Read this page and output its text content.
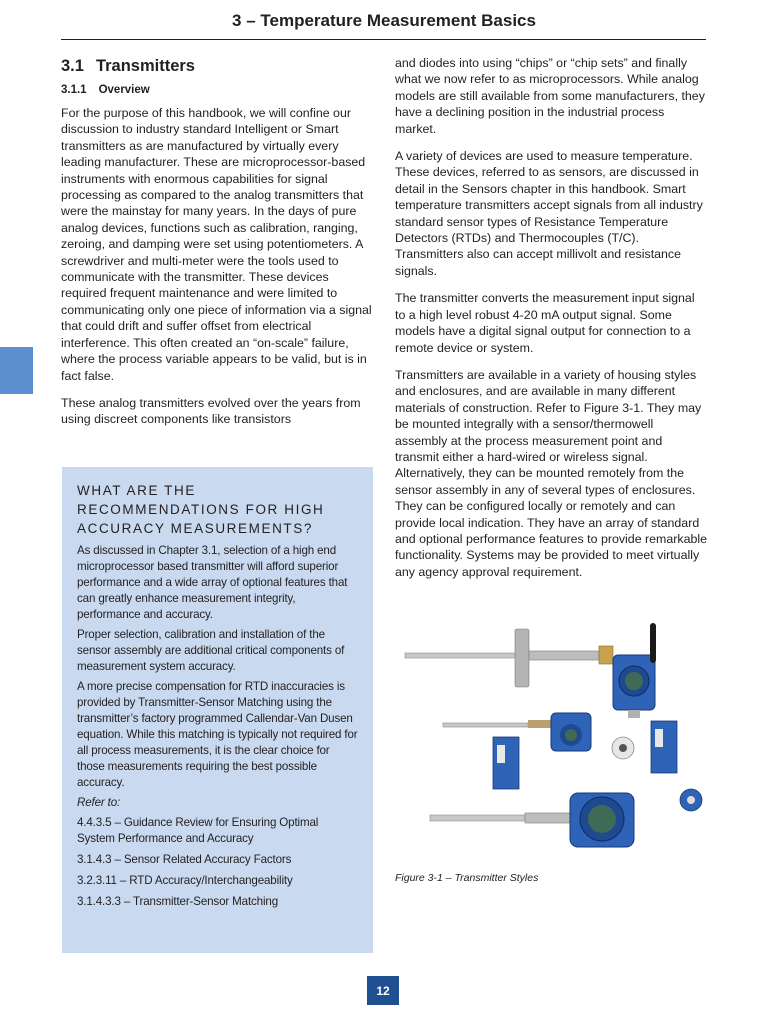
3 – Temperature Measurement Basics
3.1 Transmitters
3.1.1 Overview

For the purpose of this handbook, we will confine our discussion to industry standard Intelligent or Smart transmitters as are manufactured by virtually every leading manufacturer. These are microprocessor-based instruments with enormous capabilities for signal processing as compared to the analog transmitters that were the mainstay for many years. In the days of pure analog devices, functions such as calibration, ranging, zeroing, and damping were set using potentiometers. A screwdriver and multi-meter were the tools used to communicate with the transmitter. These devices required frequent maintenance and were limited to communicating only one piece of information via a signal that could drift and suffer offset from electrical interference. This often created an “on-scale” failure, where the process variable appears to be valid, but is in fact false.

These analog transmitters evolved over the years from using discreet components like transistors

and diodes into using “chips” or “chip sets” and finally what we now refer to as microprocessors. While analog models are still available from some manufacturers, they have a declining position in the industrial process market.

A variety of devices are used to measure temperature. These devices, referred to as sensors, are discussed in detail in the Sensors chapter in this handbook. Smart temperature transmitters accept signals from all industry standard sensor types of Resistance Temperature Detectors (RTDs) and Thermocouples (T/C). Transmitters also can accept millivolt and resistance signals.

The transmitter converts the measurement input signal to a high level robust 4-20 mA output signal. Some models have a digital signal output for connection to a remote device or system.

Transmitters are available in a variety of housing styles and enclosures, and are available in many different materials of construction. Refer to Figure 3-1. They may be mounted integrally with a sensor/thermowell assembly at the process measurement point and transmit either a hard-wired or wireless signal. Alternatively, they can be mounted remotely from the sensor assembly in any of several types of enclosures. They can be configured locally or remotely and can provide local indication. They have an array of standard and optional performance features to provide remarkable functionality. Systems may be provided to meet virtually any agency approval requirement.

WHAT ARE THE RECOMMENDATIONS FOR HIGH ACCURACY MEASUREMENTS?

As discussed in Chapter 3.1, selection of a high end microprocessor based transmitter will afford superior performance and a wide array of optional features that can greatly enhance measurement integrity, performance and accuracy.

Proper selection, calibration and installation of the sensor assembly are additional critical components of measurement system accuracy.

A more precise compensation for RTD inaccuracies is provided by Transmitter-Sensor Matching using the transmitter’s factory programmed Callendar-Van Dusen equation. While this matching is typically not required for all process measurements, it is the clear choice for those measurements requiring the best possible accuracy.

Refer to:

4.4.3.5 – Guidance Review for Ensuring Optimal System Performance and Accuracy

3.1.4.3 – Sensor Related Accuracy Factors

3.2.3.11 – RTD Accuracy/Interchangeability

3.1.4.3.3 – Transmitter-Sensor Matching

Figure 3-1 – Transmitter Styles
12
